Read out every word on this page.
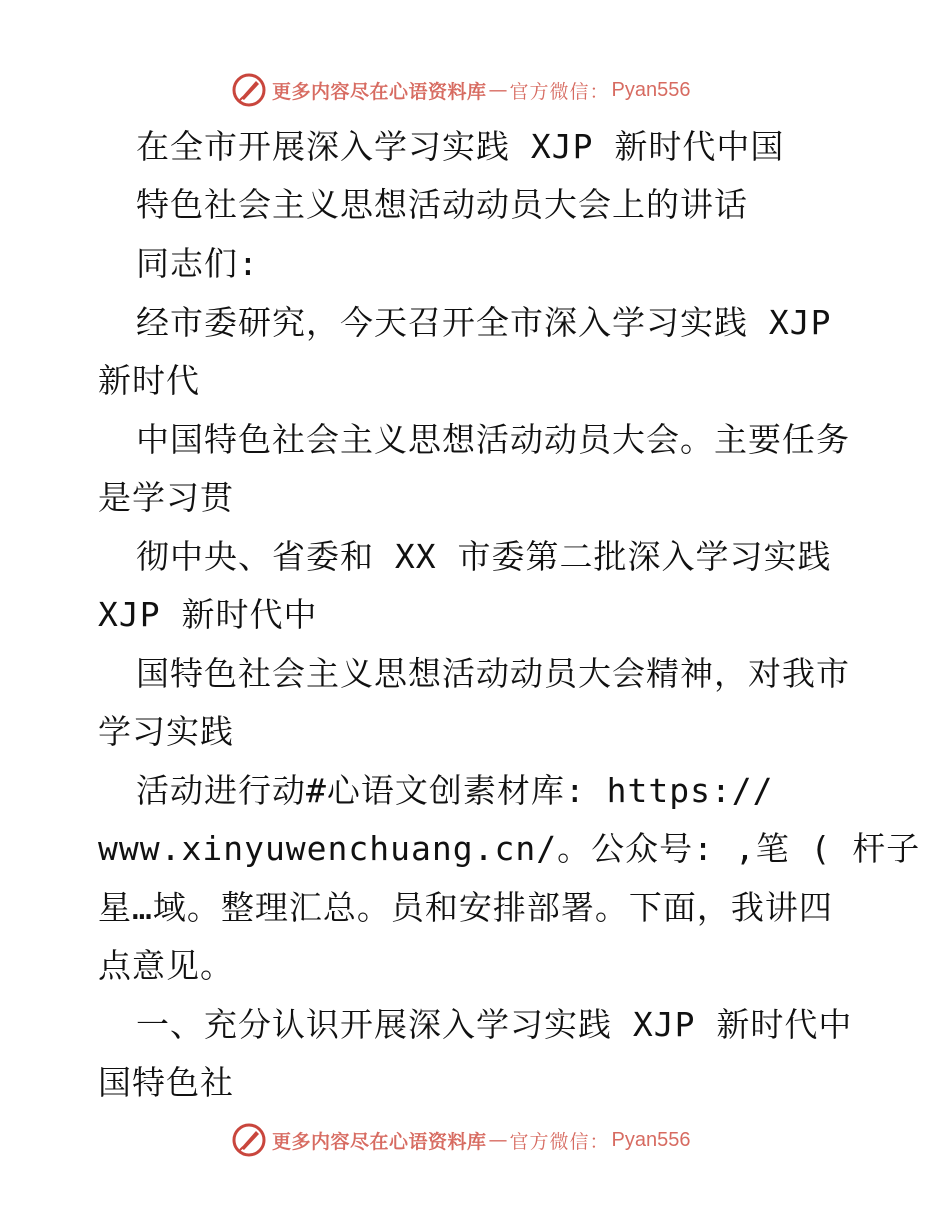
更多内容尽在心语资料库 — 官方微信： Pyan556
在全市开展深入学习实践 XJP 新时代中国
特色社会主义思想活动动员大会上的讲话
同志们:
经市委研究，今天召开全市深入学习实践 XJP
新时代
中国特色社会主义思想活动动员大会。主要任务
是学习贯
彻中央、省委和 XX 市委第二批深入学习实践
XJP 新时代中
国特色社会主义思想活动动员大会精神，对我市
学习实践
活动进行动#心语文创素材库: https://
www.xinyuwenchuang.cn/。公众号: ,笔 ( 杆子
星…域。整理汇总。员和安排部署。下面，我讲四
点意见。
一、充分认识开展深入学习实践 XJP 新时代中
国特色社
更多内容尽在心语资料库 — 官方微信： Pyan556
